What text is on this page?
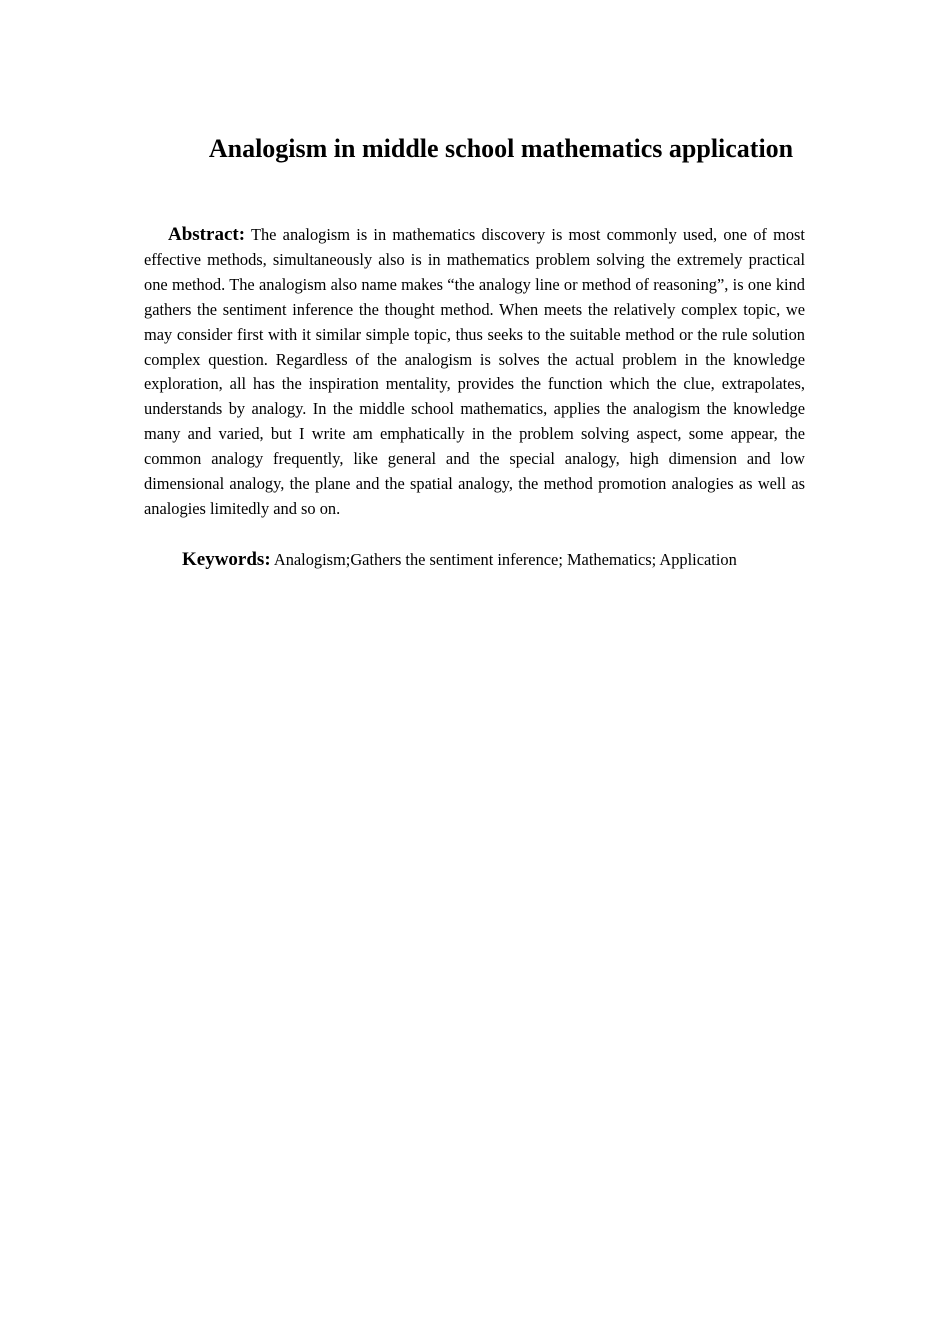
Analogism in middle school mathematics application

Abstract: The analogism is in mathematics discovery is most commonly used, one of most effective methods, simultaneously also is in mathematics problem solving the extremely practical one method. The analogism also name makes “the analogy line or method of reasoning”, is one kind gathers the sentiment inference the thought method. When meets the relatively complex topic, we may consider first with it similar simple topic, thus seeks to the suitable method or the rule solution complex question. Regardless of the analogism is solves the actual problem in the knowledge exploration, all has the inspiration mentality, provides the function which the clue, extrapolates, understands by analogy. In the middle school mathematics, applies the analogism the knowledge many and varied, but I write am emphatically in the problem solving aspect, some appear, the common analogy frequently, like general and the special analogy, high dimension and low dimensional analogy, the plane and the spatial analogy, the method promotion analogies as well as analogies limitedly and so on.

Keywords: Analogism;Gathers the sentiment inference; Mathematics; Application
